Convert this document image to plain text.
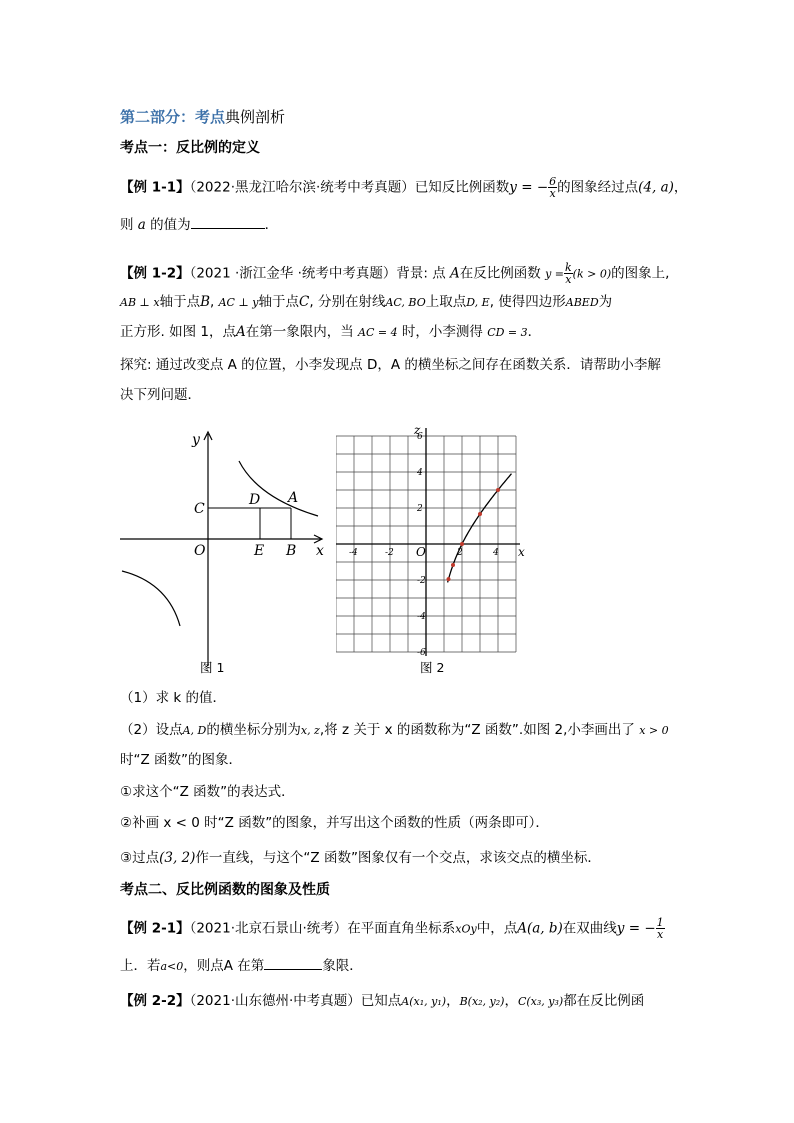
第二部分：考点典例剖析
考点一：反比例的定义
【例 1-1】（2022·黑龙江哈尔滨·统考中考真题）已知反比例函数y = − $\frac{6}{x}$ 的图象经过点(4, a)，
则 a 的值为	．
【例 1-2】（2021 ·浙江金华 ·统考中考真题）背景: 点 A在反比例函数 $y = \frac{k}{x} (k > 0)$的图象上,
AB ⊥ x轴于点B, AC ⊥ y轴于点C, 分别在射线AC, BO上取点D, E, 使得四边形ABED为
正方形. 如图 1，点A在第一象限内，当 AC = 4 时，小李测得 CD = 3．
探究: 通过改变点 A 的位置，小李发现点 D，A 的横坐标之间存在函数关系．请帮助小李解
决下列问题．
y
x
O
C
D A
E B
图 1
6
4
2
-2
-4
-6
-4	-2	2	4
z
x
O
图 2
（1）求 k 的值．
（2）设点A, D的横坐标分别为x, z,将 z 关于 x 的函数称为“Z 函数”.如图 2,小李画出了 x > 0
时“Z 函数”的图象．
①求这个“Z 函数”的表达式．
②补画 x < 0 时“Z 函数”的图象，并写出这个函数的性质（两条即可）．
③过点(3, 2)作一直线，与这个“Z 函数”图象仅有一个交点，求该交点的横坐标．
考点二、反比例函数的图象及性质
【例 2-1】（2021·北京石景山·统考）在平面直角坐标系xOy中，点A(a, b)在双曲线y = − $\frac{1}{x}$
上．若a<0，则点A 在第	象限．
【例 2-2】（2021·山东德州·中考真题）已知点A(x₁, y₁)，B(x₂, y₂)，C(x₃, y₃)都在反比例函
